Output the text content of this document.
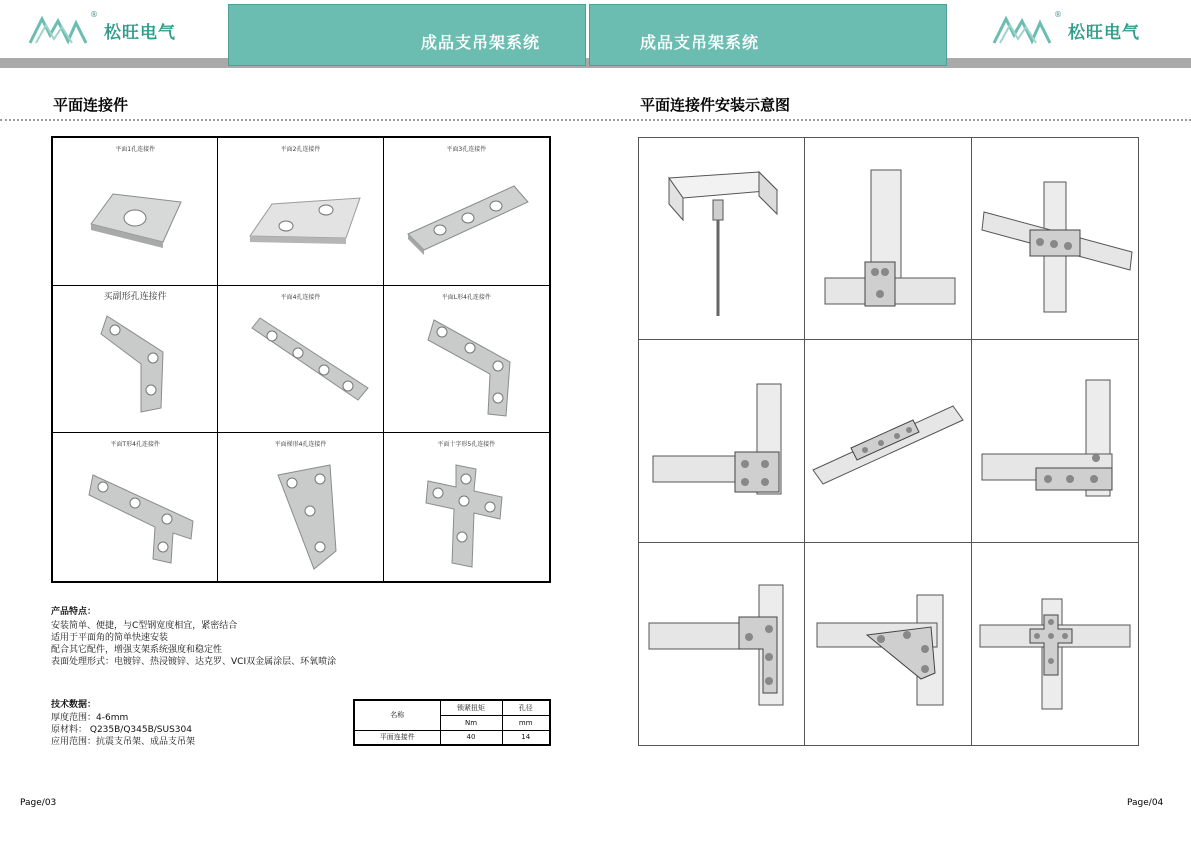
®
松旺电气	成品支吊架系统	成品支吊架系统
®
松旺电气
平面连接件	平面连接件安装示意图
平面1孔连接件	平面2孔连接件	平面3孔连接件
买副形孔连接件	平面4孔连接件	平面L形4孔连接件
平面T形4孔连接件	平面梯形4孔连接件	平面十字形5孔连接件
产品特点：
安装简单、便捷，与C型钢宽度相宜，紧密结合
适用于平面角的简单快速安装
配合其它配件，增强支架系统强度和稳定性
表面处理形式：电镀锌、热浸镀锌、达克罗、VCI双金属涂层、环氧喷涂
技术数据：
厚度范围：4-6mm
原材料： Q235B/Q345B/SUS304
应用范围：抗震支吊架、成品支吊架
名称	锁紧扭矩	孔径
	Nm	mm
平面连接件	40	14
Page/03	Page/04
